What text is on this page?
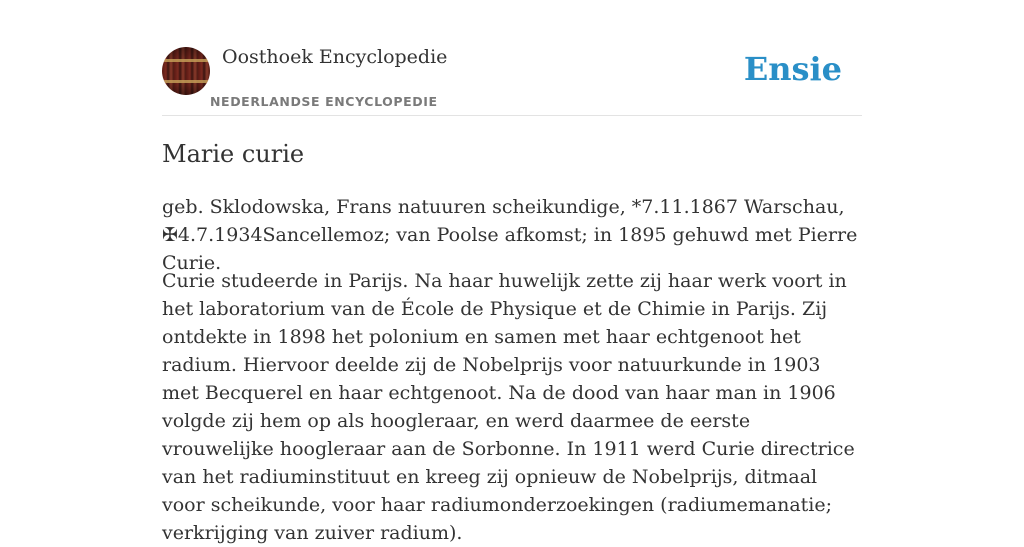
Oosthoek Encyclopedie
NEDERLANDSE ENCYCLOPEDIE
Ensie
Marie curie

geb. Sklodowska, Frans natuuren scheikundige, *7.11.1867 Warschau, ✠4.7.1934Sancellemoz; van Poolse afkomst; in 1895 gehuwd met Pierre Curie.

Curie studeerde in Parijs. Na haar huwelijk zette zij haar werk voort in het laboratorium van de École de Physique et de Chimie in Parijs. Zij ontdekte in 1898 het polonium en samen met haar echtgenoot het radium. Hiervoor deelde zij de Nobelprijs voor natuurkunde in 1903 met Becquerel en haar echtgenoot. Na de dood van haar man in 1906 volgde zij hem op als hoogleraar, en werd daarmee de eerste vrouwelijke hoogleraar aan de Sorbonne. In 1911 werd Curie directrice van het radiuminstituut en kreeg zij opnieuw de Nobelprijs, ditmaal voor scheikunde, voor haar radiumonderzoekingen (radiumemanatie; verkrijging van zuiver radium).
